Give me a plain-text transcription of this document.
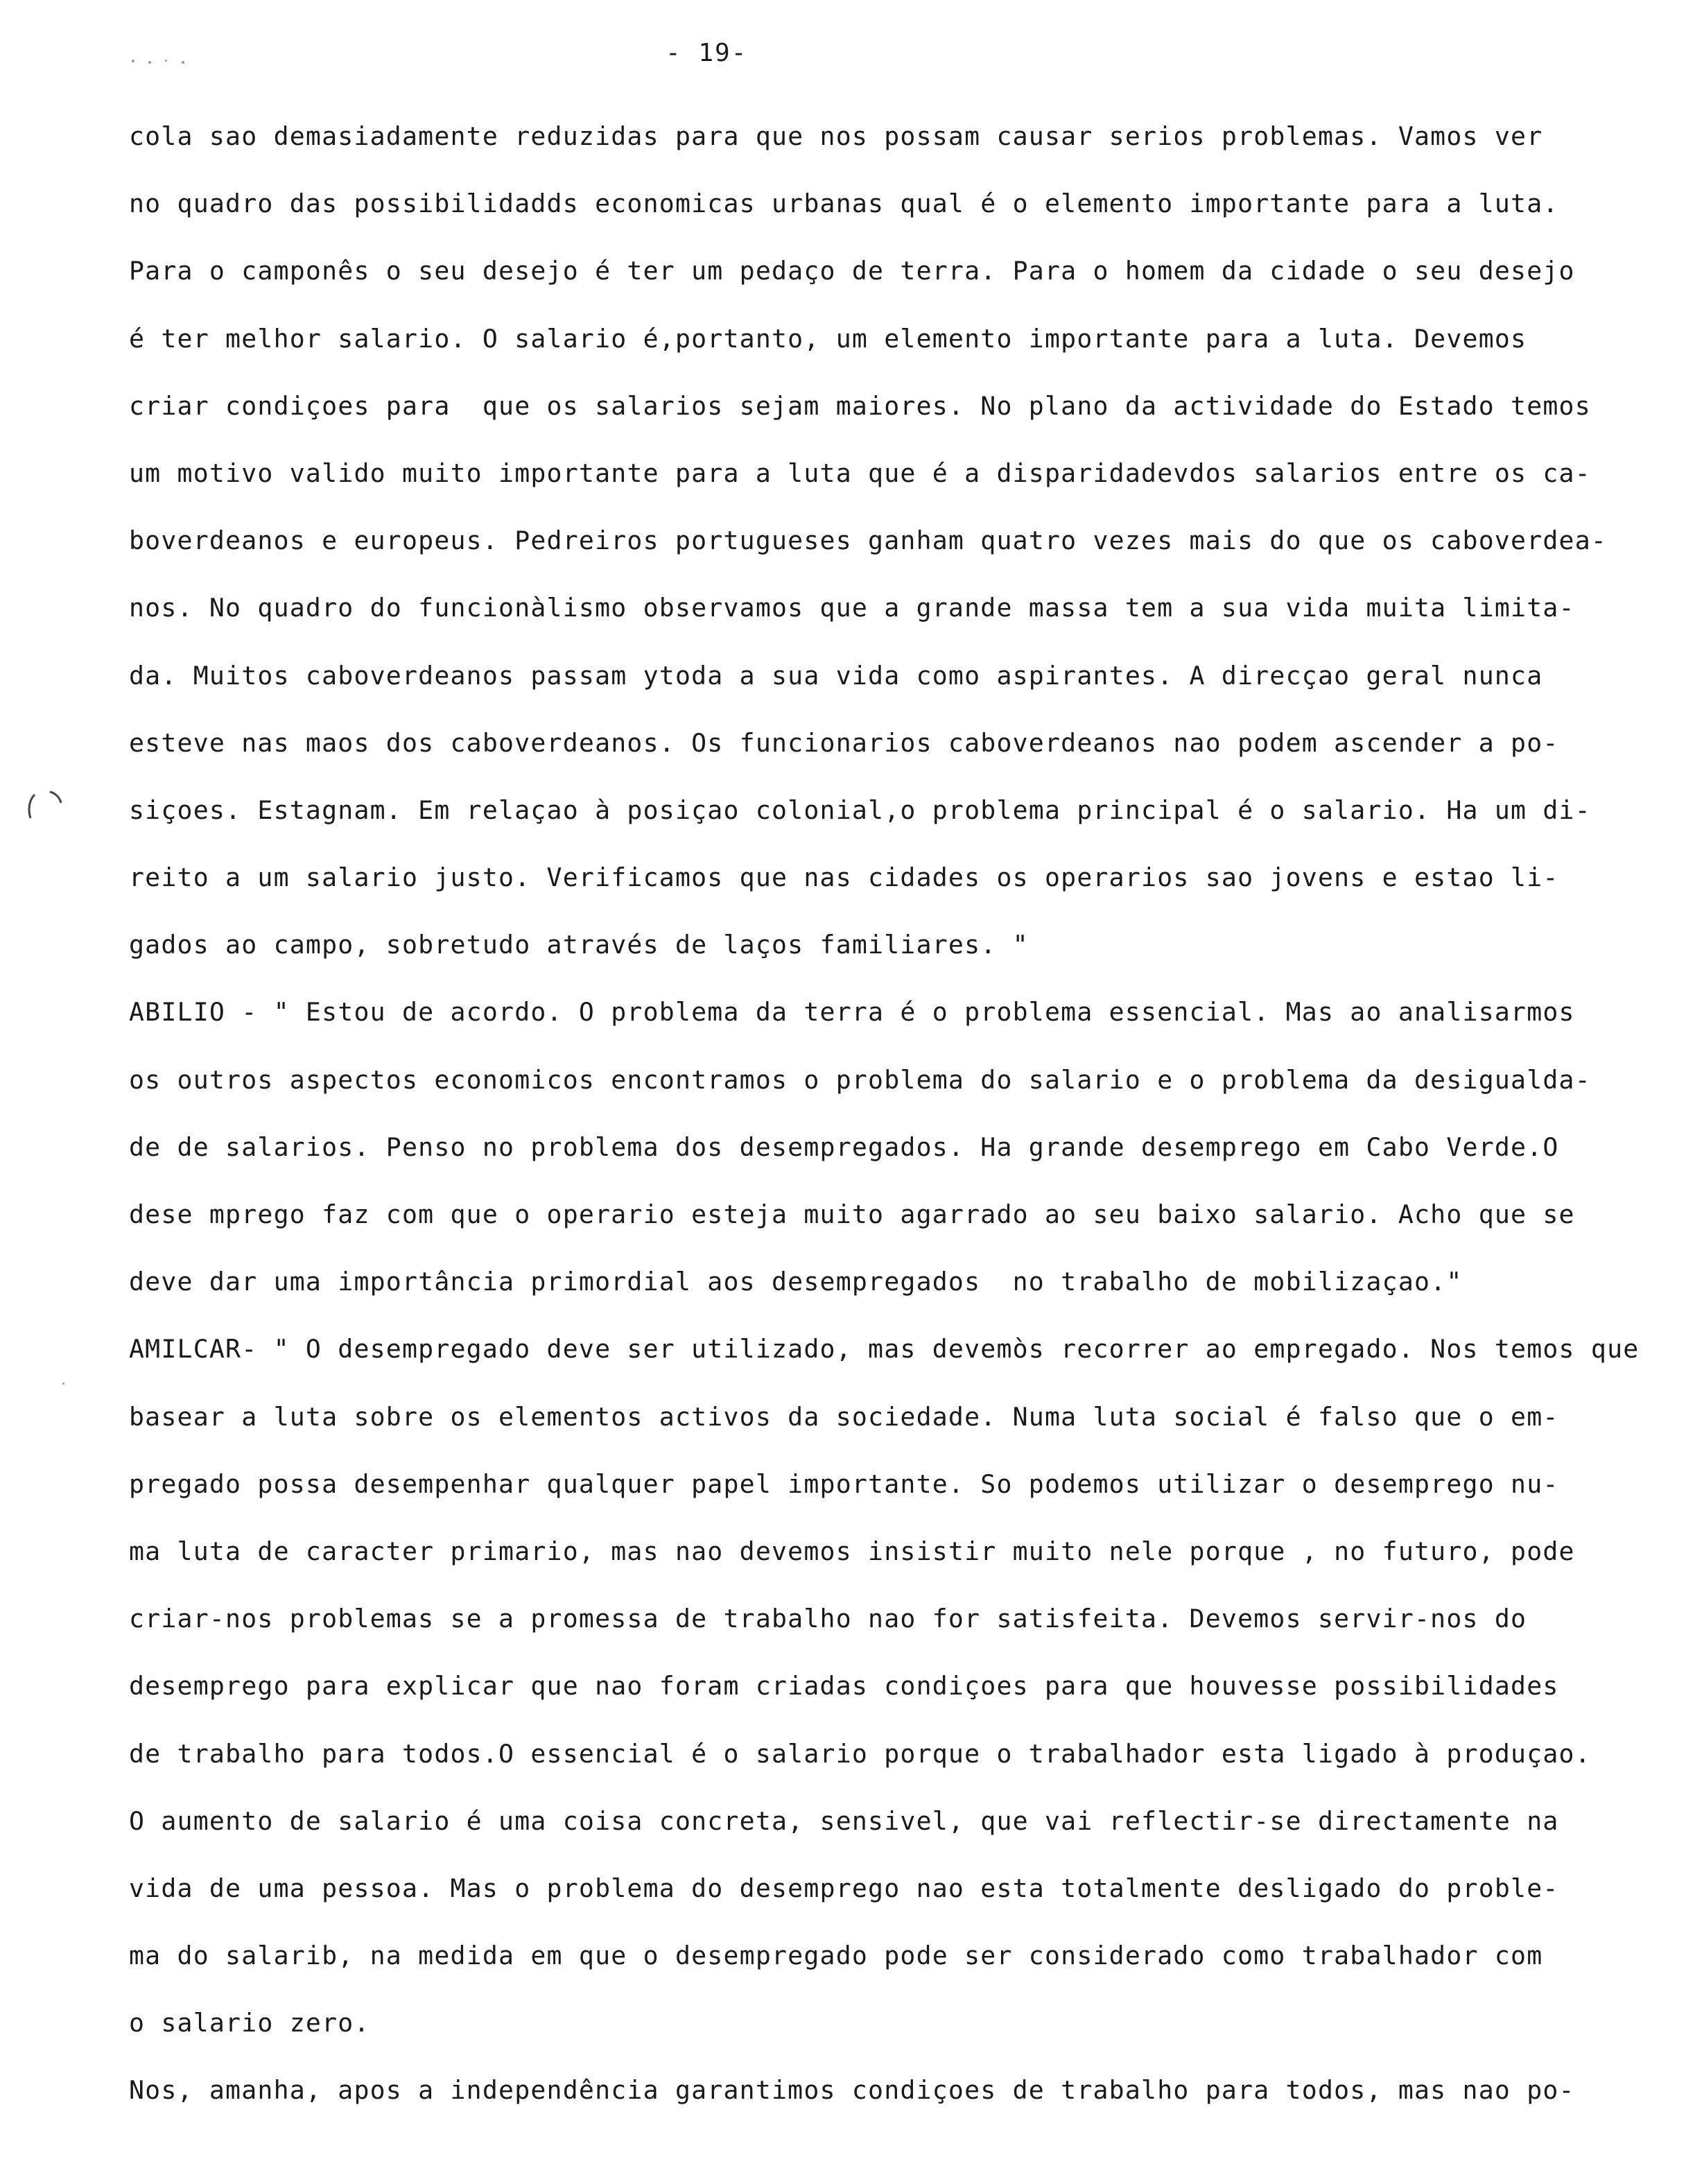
- 19-
cola sao demasiadamente reduzidas para que nos possam causar serios problemas. Vamos ver
no quadro das possibilidadds economicas urbanas qual é o elemento importante para a luta.
Para o camponês o seu desejo é ter um pedaço de terra. Para o homem da cidade o seu desejo
é ter melhor salario. O salario é,portanto, um elemento importante para a luta. Devemos
criar condiçoes para  que os salarios sejam maiores. No plano da actividade do Estado temos
um motivo valido muito importante para a luta que é a disparidadevdos salarios entre os ca-
boverdeanos e europeus. Pedreiros portugueses ganham quatro vezes mais do que os caboverdea-
nos. No quadro do funcionàlismo observamos que a grande massa tem a sua vida muita limita-
da. Muitos caboverdeanos passam ytoda a sua vida como aspirantes. A direcçao geral nunca
esteve nas maos dos caboverdeanos. Os funcionarios caboverdeanos nao podem ascender a po-
siçoes. Estagnam. Em relaçao à posiçao colonial,o problema principal é o salario. Ha um di-
reito a um salario justo. Verificamos que nas cidades os operarios sao jovens e estao li-
gados ao campo, sobretudo através de laços familiares. "
ABILIO - " Estou de acordo. O problema da terra é o problema essencial. Mas ao analisarmos
os outros aspectos economicos encontramos o problema do salario e o problema da desigualda-
de de salarios. Penso no problema dos desempregados. Ha grande desemprego em Cabo Verde.O
dese mprego faz com que o operario esteja muito agarrado ao seu baixo salario. Acho que se
deve dar uma importância primordial aos desempregados  no trabalho de mobilizaçao."
AMILCAR- " O desempregado deve ser utilizado, mas devemòs recorrer ao empregado. Nos temos que
basear a luta sobre os elementos activos da sociedade. Numa luta social é falso que o em-
pregado possa desempenhar qualquer papel importante. So podemos utilizar o desemprego nu-
ma luta de caracter primario, mas nao devemos insistir muito nele porque , no futuro, pode
criar-nos problemas se a promessa de trabalho nao for satisfeita. Devemos servir-nos do
desemprego para explicar que nao foram criadas condiçoes para que houvesse possibilidades
de trabalho para todos.O essencial é o salario porque o trabalhador esta ligado à produçao.
O aumento de salario é uma coisa concreta, sensivel, que vai reflectir-se directamente na
vida de uma pessoa. Mas o problema do desemprego nao esta totalmente desligado do proble-
ma do salarib, na medida em que o desempregado pode ser considerado como trabalhador com
o salario zero.
Nos, amanha, apos a independência garantimos condiçoes de trabalho para todos, mas nao po-
